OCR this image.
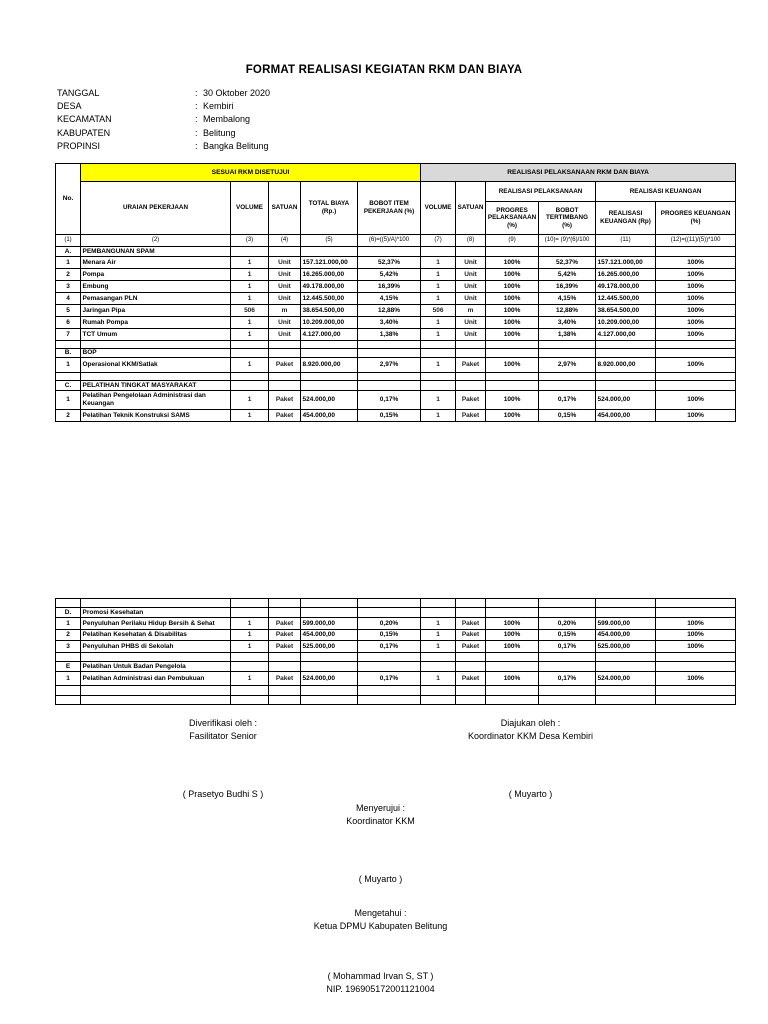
FORMAT REALISASI KEGIATAN RKM DAN BIAYA
TANGGAL	: 30 Oktober 2020
DESA	: Kembiri
KECAMATAN	: Membalong
KABUPATEN	: Belitung
PROPINSI	: Bangka Belitung
No.	SESUAI RKM DISETUJUI					REALISASI PELAKSANAAN RKM DAN BIAYA					
	URAIAN PEKERJAAN	VOLUME	SATUAN	TOTAL BIAYA (Rp.)	BOBOT ITEM PEKERJAAN (%)	VOLUME	SATUAN	REALISASI PELAKSANAAN		REALISASI KEUANGAN	
								PROGRES PELAKSANAAN (%)	BOBOT TERTIMBANG (%)	REALISASI KEUANGAN (Rp)	PROGRES KEUANGAN (%)
(1)	(2)	(3)	(4)	(5)	(6)=((5)/A)*100	(7)	(8)	(9)	(10)= (9)*(6)/100	(11)	(12)=((11)/(5))*100
A.	PEMBANGUNAN SPAM										
1	Menara Air	1	Unit	157.121.000,00	52,37%	1	Unit	100%	52,37%	157.121.000,00	100%
2	Pompa	1	Unit	16.265.000,00	5,42%	1	Unit	100%	5,42%	16.265.000,00	100%
3	Embung	1	Unit	49.178.000,00	16,39%	1	Unit	100%	16,39%	49.178.000,00	100%
4	Pemasangan PLN	1	Unit	12.445.500,00	4,15%	1	Unit	100%	4,15%	12.445.500,00	100%
5	Jaringan Pipa	506	m	38.654.500,00	12,88%	506	m	100%	12,88%	38.654.500,00	100%
6	Rumah Pompa	1	Unit	10.209.000,00	3,40%	1	Unit	100%	3,40%	10.209.000,00	100%
7	TCT Umum	1	Unit	4.127.000,00	1,38%	1	Unit	100%	1,38%	4.127.000,00	100%

B.	BOP										
1	Operasional KKM/Satlak	1	Paket	8.920.000,00	2,97%	1	Paket	100%	2,97%	8.920.000,00	100%

C.	PELATIHAN TINGKAT MASYARAKAT										
1	Pelatihan Pengelolaan Administrasi dan Keuangan	1	Paket	524.000,00	0,17%	1	Paket	100%	0,17%	524.000,00	100%
2	Pelatihan Teknik Konstruksi SAMS	1	Paket	454.000,00	0,15%	1	Paket	100%	0,15%	454.000,00	100%

D.	Promosi Kesehatan										
1	Penyuluhan Perilaku Hidup Bersih & Sehat	1	Paket	599.000,00	0,20%	1	Paket	100%	0,20%	599.000,00	100%
2	Pelatihan Kesehatan & Disabilitas	1	Paket	454.000,00	0,15%	1	Paket	100%	0,15%	454.000,00	100%
3	Penyuluhan PHBS di Sekolah	1	Paket	525.000,00	0,17%	1	Paket	100%	0,17%	525.000,00	100%

E	Pelatihan Untuk Badan Pengelola										
1	Pelatihan Administrasi dan Pembukuan	1	Paket	524.000,00	0,17%	1	Paket	100%	0,17%	524.000,00	100%

Diverifikasi oleh :
Fasilitator Senior
( Prasetyo Budhi S )
Diajukan oleh :
Koordinator KKM Desa Kembiri
( Muyarto )
Menyerujui :
Koordinator KKM
( Muyarto )
Mengetahui :
Ketua DPMU Kabupaten Belitung
( Mohammad Irvan S, ST )
NIP. 196905172001121004
